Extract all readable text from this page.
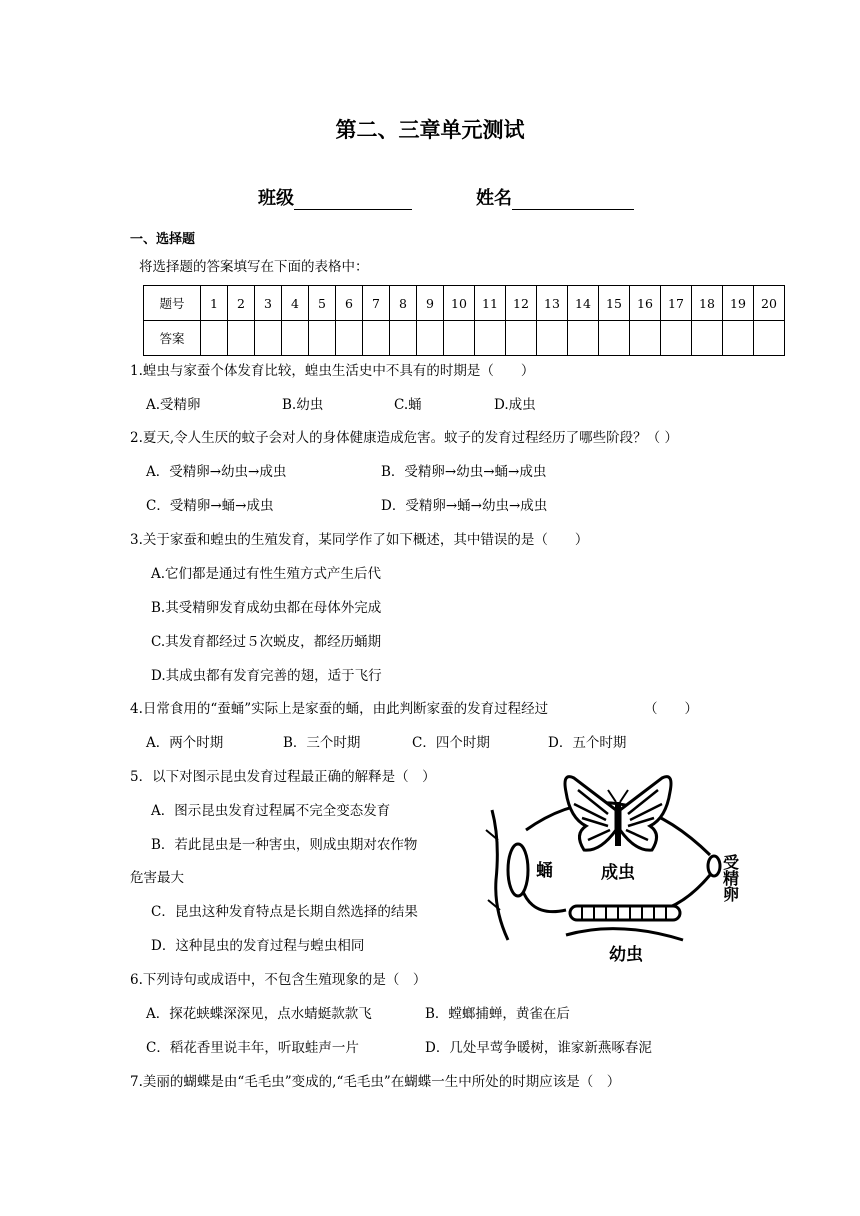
第二、三章单元测试
班级	姓名
一、选择题
将选择题的答案填写在下面的表格中：
题号	1	2	3	4	5	6	7	8	9	10	11	12	13	14	15	16	17	18	19	20
答案																				
1.蝗虫与家蚕个体发育比较，蝗虫生活史中不具有的时期是（　　）
A.受精卵	B.幼虫	C.蛹	D.成虫
2.夏天,令人生厌的蚊子会对人的身体健康造成危害。蚊子的发育过程经历了哪些阶段？（ ）
A．受精卵→幼虫→成虫	B．受精卵→幼虫→蛹→成虫
C．受精卵→蛹→成虫	D．受精卵→蛹→幼虫→成虫
3.关于家蚕和蝗虫的生殖发育，某同学作了如下概述，其中错误的是（　　）
A.它们都是通过有性生殖方式产生后代
B.其受精卵发育成幼虫都在母体外完成
C.其发育都经过５次蜕皮，都经历蛹期
D.其成虫都有发育完善的翅，适于飞行
4.日常食用的“蚕蛹”实际上是家蚕的蛹，由此判断家蚕的发育过程经过	（　　）
A．两个时期	B．三个时期	C．四个时期	D．五个时期
5．以下对图示昆虫发育过程最正确的解释是（　）
A．图示昆虫发育过程属不完全变态发育
B．若此昆虫是一种害虫，则成虫期对农作物
危害最大
C．昆虫这种发育特点是长期自然选择的结果
D．这种昆虫的发育过程与蝗虫相同
蛹	成虫	受精卵
幼虫
6.下列诗句或成语中，不包含生殖现象的是（　）
A．探花蛱蝶深深见，点水蜻蜓款款飞	B．螳螂捕蝉，黄雀在后
C．稻花香里说丰年，听取蛙声一片	D．几处早莺争暖树，谁家新燕啄春泥
7.美丽的蝴蝶是由“毛毛虫”变成的,“毛毛虫”在蝴蝶一生中所处的时期应该是（　）
